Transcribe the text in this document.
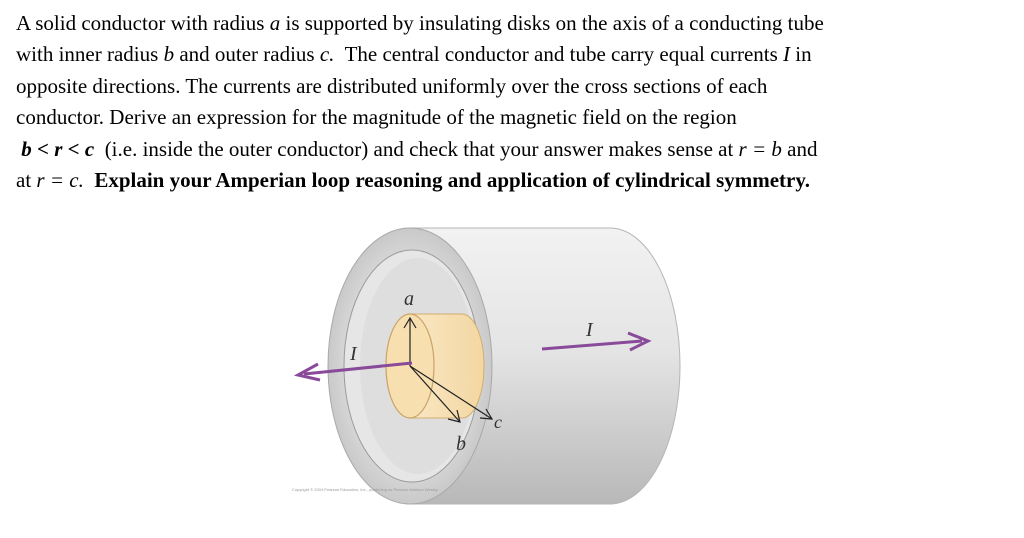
A solid conductor with radius a is supported by insulating disks on the axis of a conducting tube
with inner radius b and outer radius c. The central conductor and tube carry equal currents I in
opposite directions. The currents are distributed uniformly over the cross sections of each
conductor. Derive an expression for the magnitude of the magnetic field on the region
b < r < c (i.e. inside the outer conductor) and check that your answer makes sense at r = b and
at r = c. Explain your Amperian loop reasoning and application of cylindrical symmetry.
a
b
c
I
I
Copyright © 2004 Pearson Education, Inc., publishing as Pearson Addison Wesley
